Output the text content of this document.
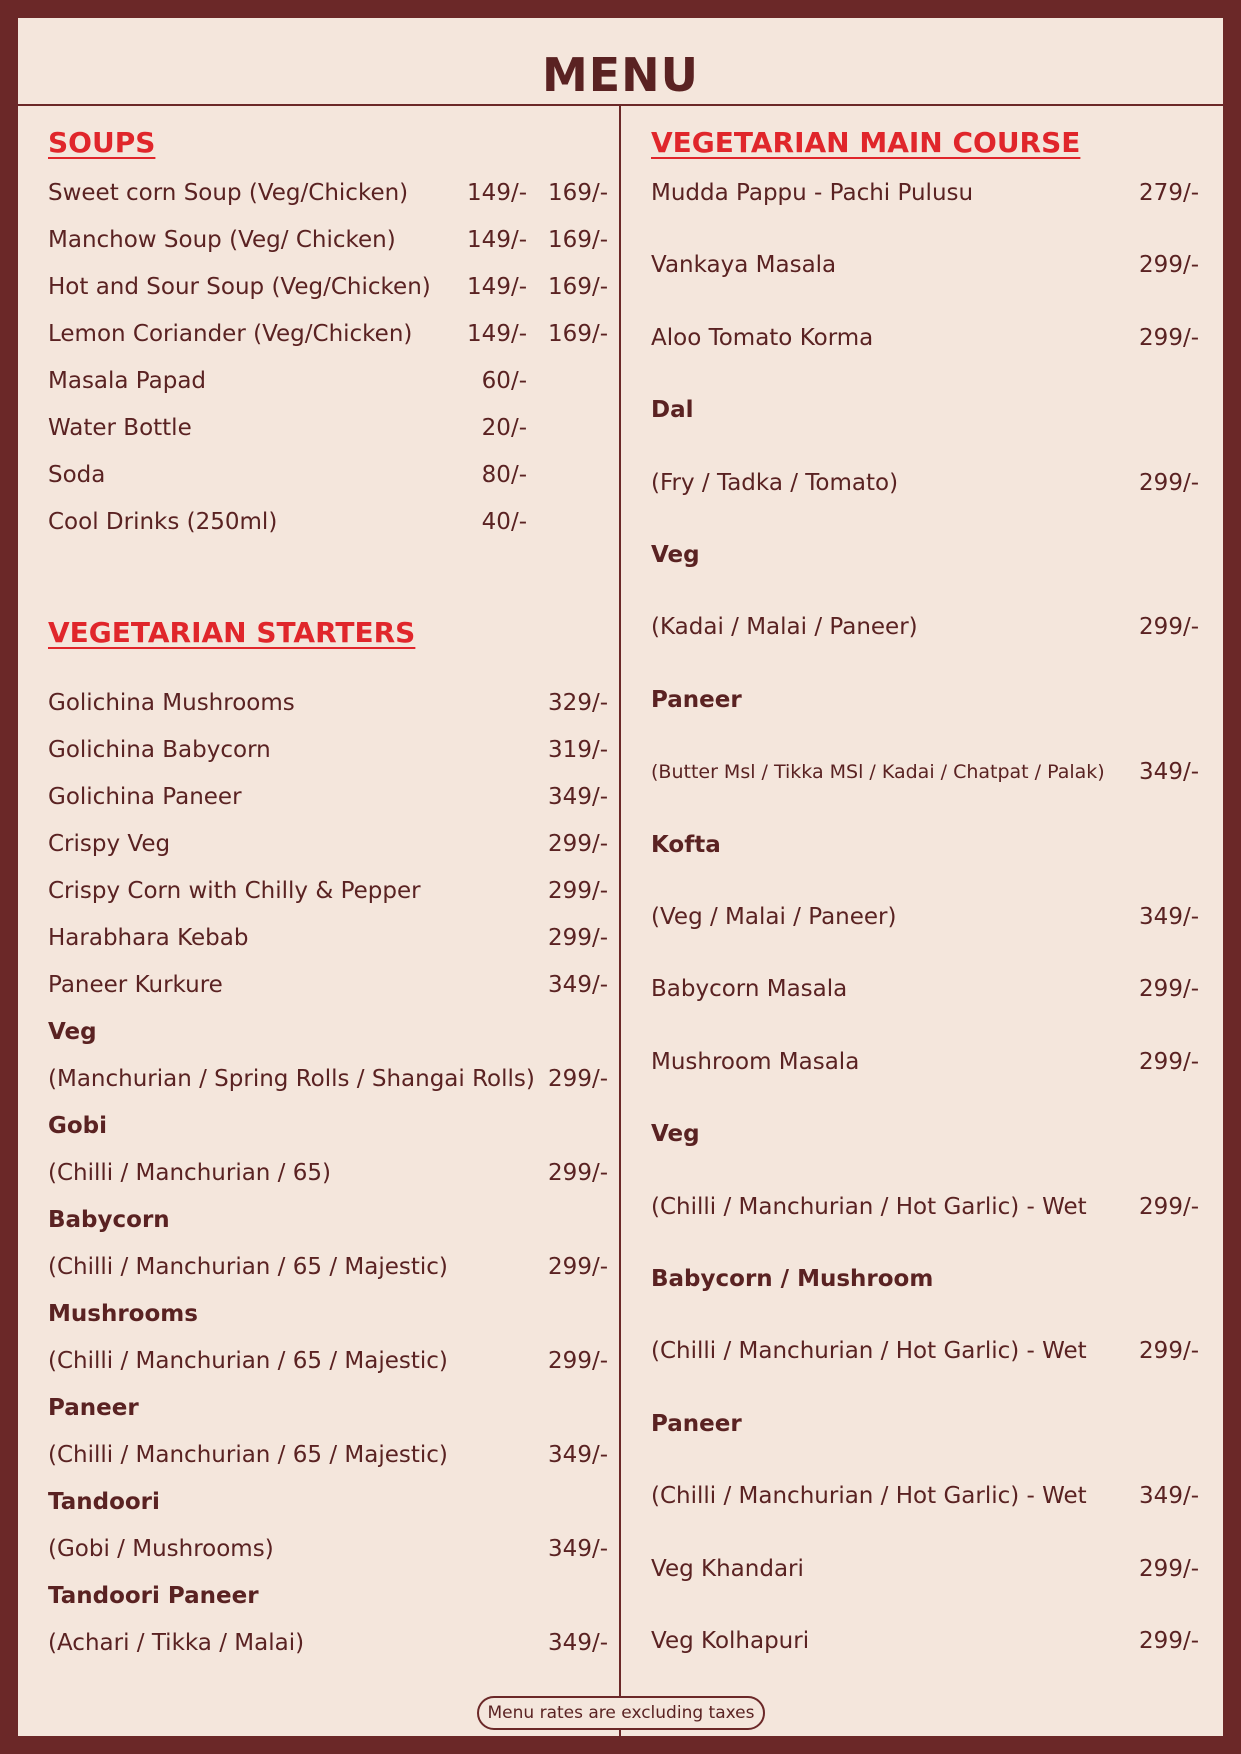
MENU
SOUPS
Sweet corn Soup (Veg/Chicken)	149/- 169/-
Manchow Soup (Veg/ Chicken)	149/- 169/-
Hot and Sour Soup (Veg/Chicken) 149/- 169/-
Lemon Coriander (Veg/Chicken) 149/- 169/-
Masala Papad	60/-
Water Bottle	20/-
Soda	80/-
Cool Drinks (250ml)	40/-
VEGETARIAN STARTERS
Golichina Mushrooms	329/-
Golichina Babycorn	319/-
Golichina Paneer	349/-
Crispy Veg	299/-
Crispy Corn with Chilly & Pepper	299/-
Harabhara Kebab	299/-
Paneer Kurkure	349/-
Veg
(Manchurian / Spring Rolls / Shangai Rolls) 299/-
Gobi
(Chilli / Manchurian / 65)	299/-
Babycorn
(Chilli / Manchurian / 65 / Majestic)	299/-
Mushrooms
(Chilli / Manchurian / 65 / Majestic)	299/-
Paneer
(Chilli / Manchurian / 65 / Majestic)	349/-
Tandoori
(Gobi / Mushrooms)	349/-
Tandoori Paneer
(Achari / Tikka / Malai)	349/-
VEGETARIAN MAIN COURSE
Mudda Pappu - Pachi Pulusu	279/-
Vankaya Masala	299/-
Aloo Tomato Korma	299/-
Dal
(Fry / Tadka / Tomato)	299/-
Veg
(Kadai / Malai / Paneer)	299/-
Paneer
(Butter Msl / Tikka MSl / Kadai / Chatpat / Palak) 349/-
Kofta
(Veg / Malai / Paneer)	349/-
Babycorn Masala	299/-
Mushroom Masala	299/-
Veg
(Chilli / Manchurian / Hot Garlic) - Wet 299/-
Babycorn / Mushroom
(Chilli / Manchurian / Hot Garlic) - Wet 299/-
Paneer
(Chilli / Manchurian / Hot Garlic) - Wet 349/-
Veg Khandari	299/-
Veg Kolhapuri	299/-
Menu rates are excluding taxes
